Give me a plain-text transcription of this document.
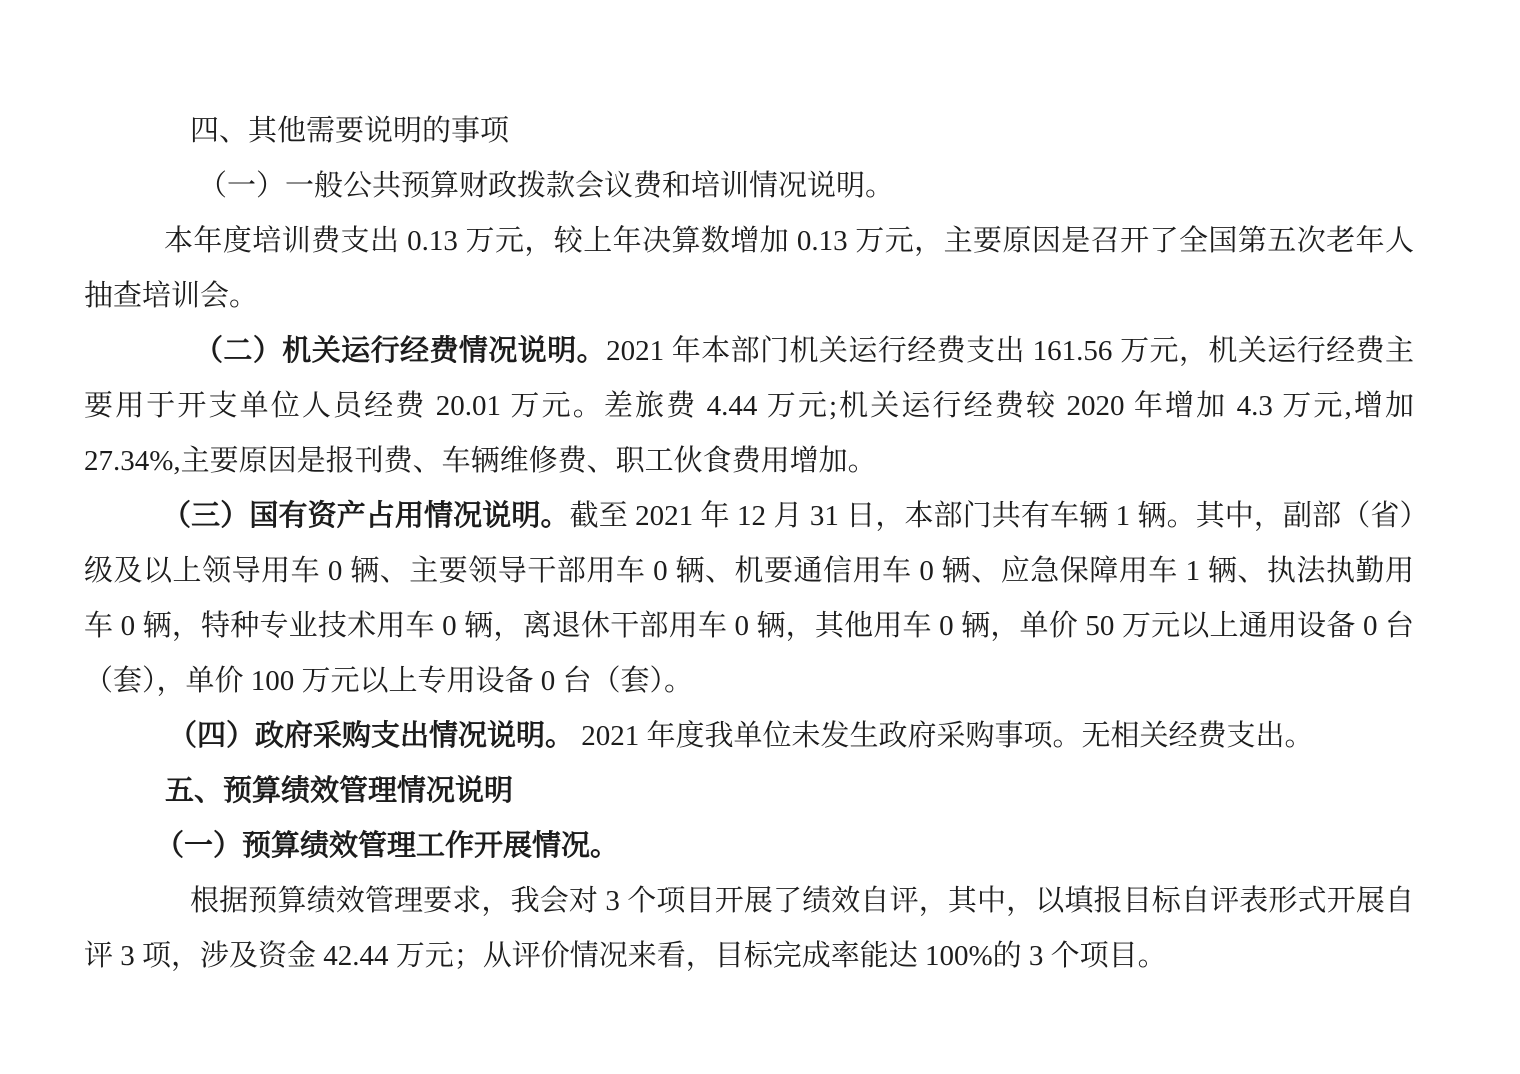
四、其他需要说明的事项

（一）一般公共预算财政拨款会议费和培训情况说明。

本年度培训费支出 0.13 万元，较上年决算数增加 0.13 万元，主要原因是召开了全国第五次老年人抽查培训会。

（二）机关运行经费情况说明。2021 年本部门机关运行经费支出 161.56 万元，机关运行经费主要用于开支单位人员经费 20.01 万元。差旅费 4.44 万元;机关运行经费较 2020 年增加 4.3 万元,增加 27.34%,主要原因是报刊费、车辆维修费、职工伙食费用增加。

（三）国有资产占用情况说明。截至 2021 年 12 月 31 日，本部门共有车辆 1 辆。其中，副部（省）级及以上领导用车 0 辆、主要领导干部用车 0 辆、机要通信用车 0 辆、应急保障用车 1 辆、执法执勤用车 0 辆，特种专业技术用车 0 辆，离退休干部用车 0 辆，其他用车 0 辆，单价 50 万元以上通用设备 0 台（套），单价 100 万元以上专用设备 0 台（套）。

（四）政府采购支出情况说明。 2021 年度我单位未发生政府采购事项。无相关经费支出。

五、预算绩效管理情况说明

（一）预算绩效管理工作开展情况。

根据预算绩效管理要求，我会对 3 个项目开展了绩效自评，其中，以填报目标自评表形式开展自评 3 项，涉及资金 42.44 万元；从评价情况来看，目标完成率能达 100%的 3 个项目。
